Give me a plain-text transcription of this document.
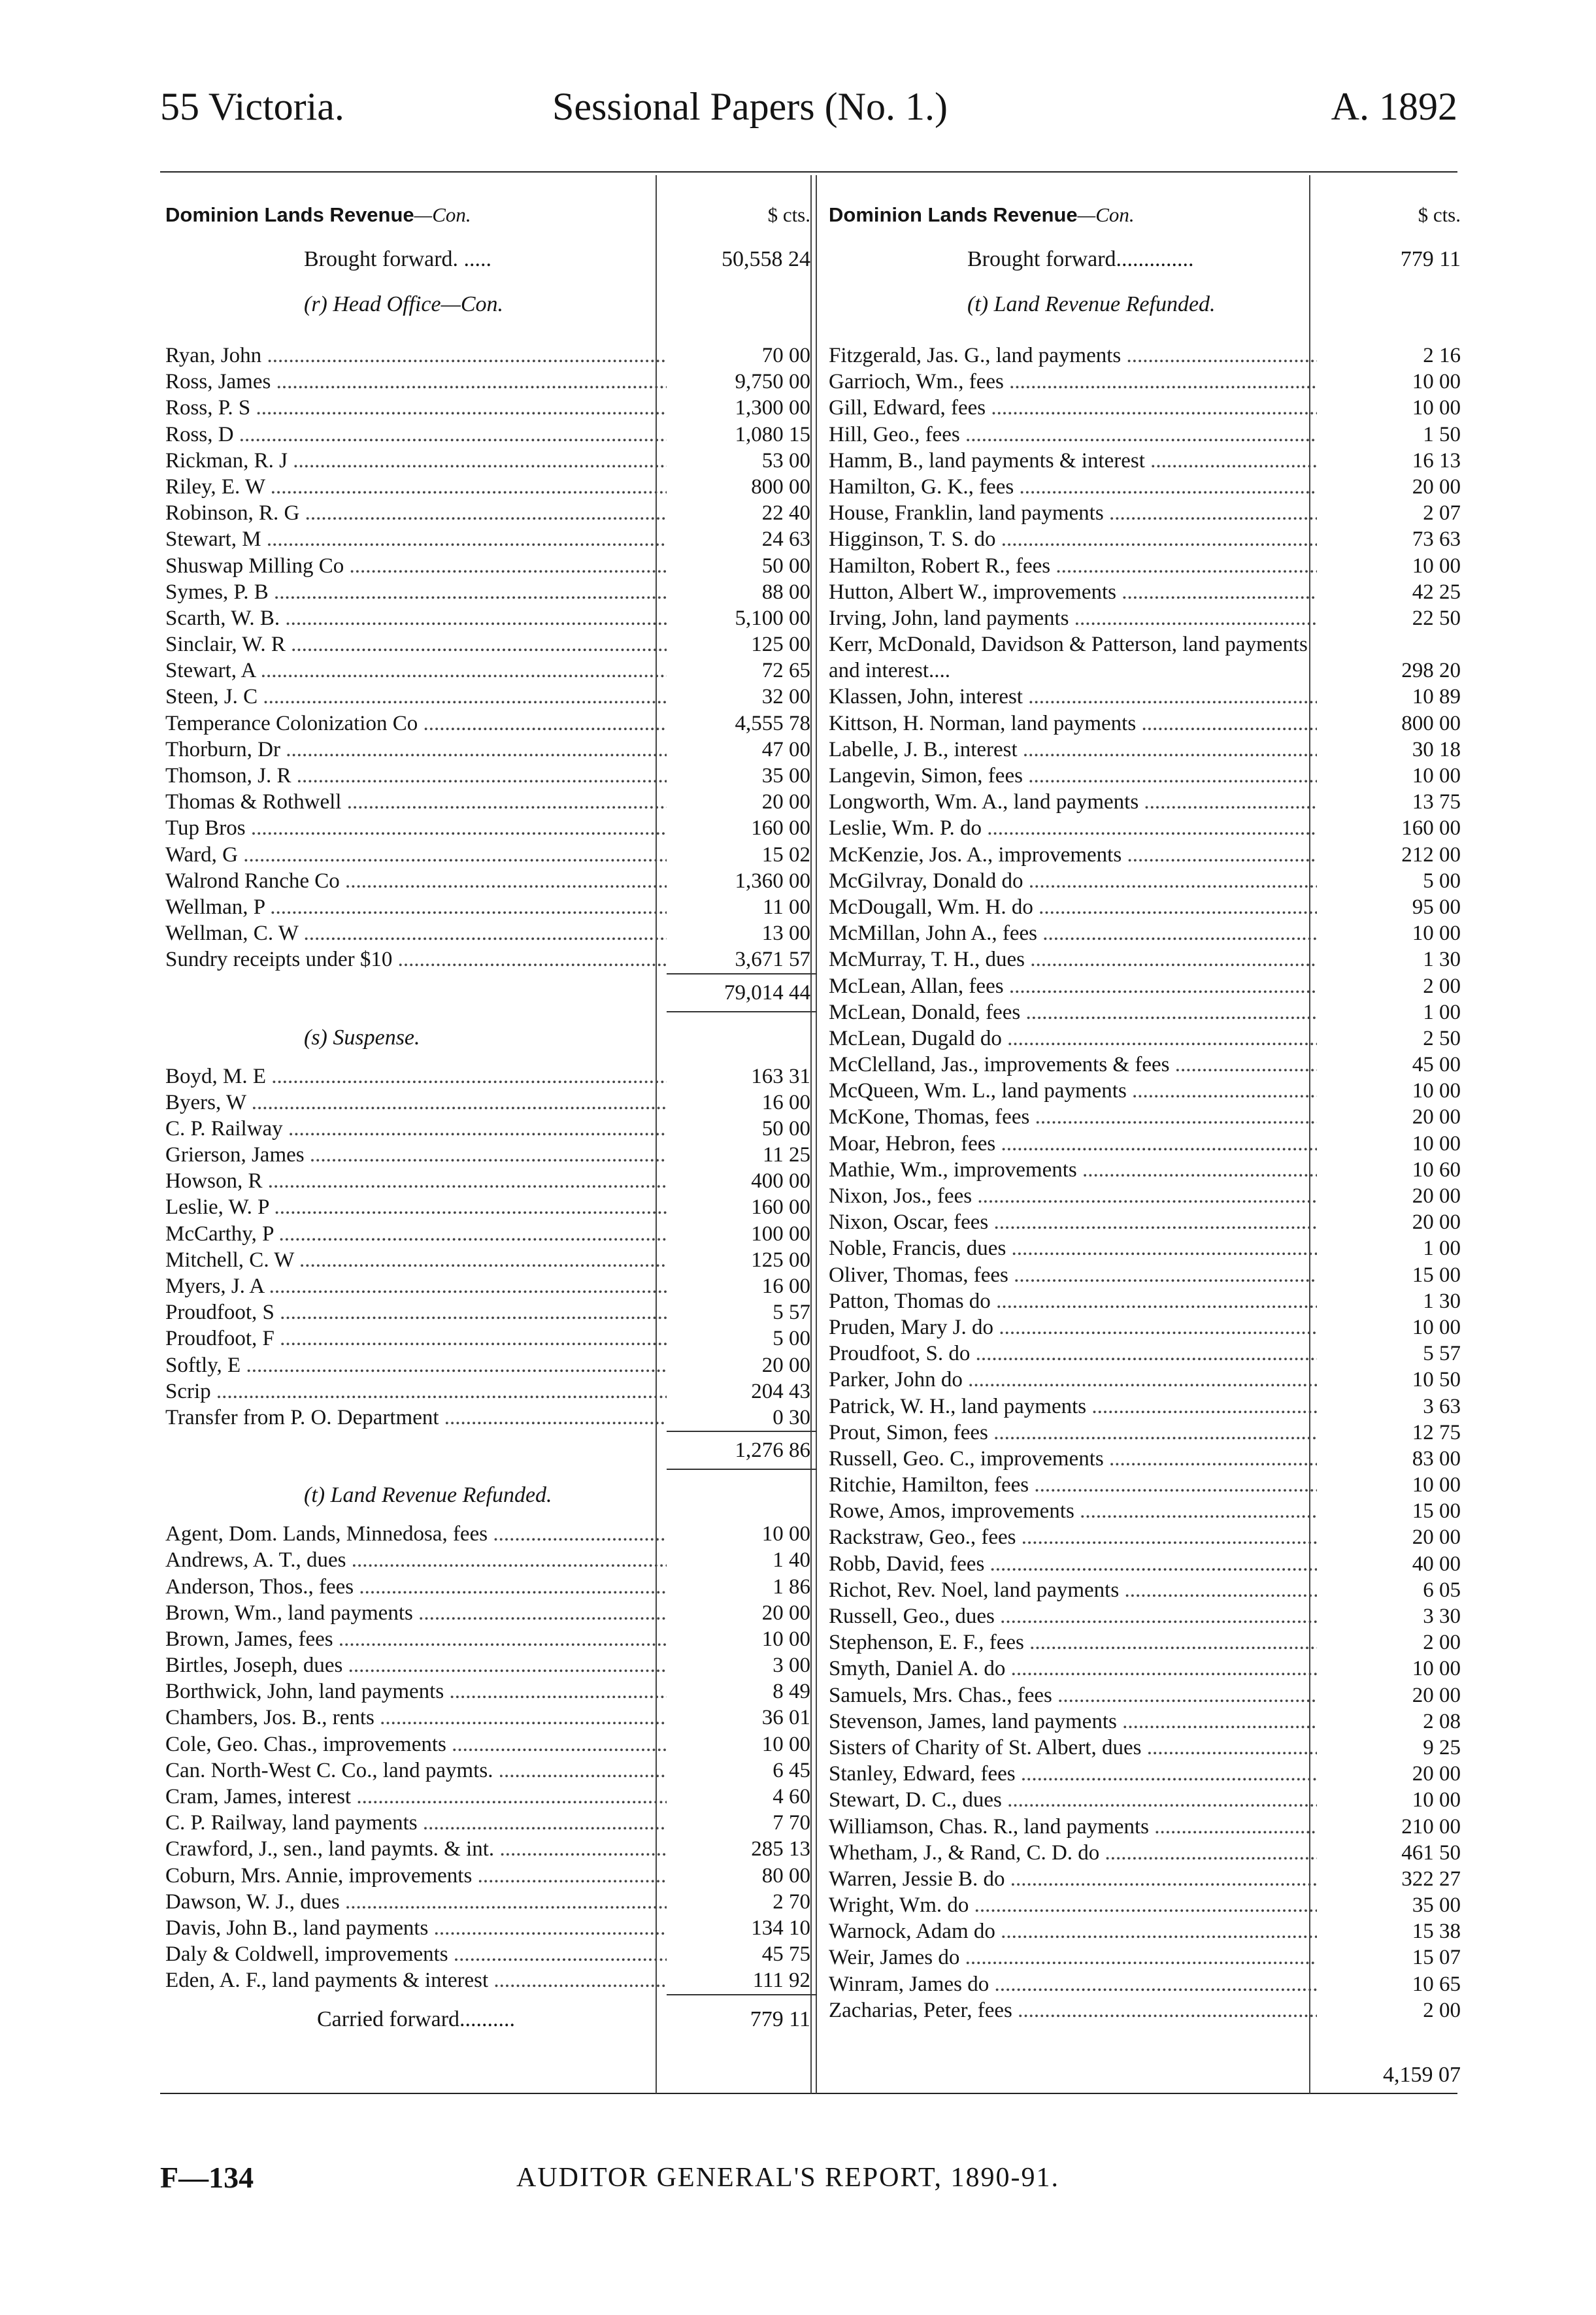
55 Victoria.	Sessional Papers (No. 1.)	A. 1892
Dominion Lands Revenue—Con.	$ cts.
Brought forward. .....	50,558 24
(r) Head Office—Con.
Ryan, John .....	70 00
Ross, James .....	9,750 00
Ross, P. S .....	1,300 00
Ross, D .....	1,080 15
Rickman, R. J .....	53 00
Riley, E. W .....	800 00
Robinson, R. G .....	22 40
Stewart, M .....	24 63
Shuswap Milling Co .....	50 00
Symes, P. B .....	88 00
Scarth, W. B. .....	5,100 00
Sinclair, W. R .....	125 00
Stewart, A .....	72 65
Steen, J. C .....	32 00
Temperance Colonization Co .....	4,555 78
Thorburn, Dr .....	47 00
Thomson, J. R .....	35 00
Thomas & Rothwell .....	20 00
Tup Bros .....	160 00
Ward, G .....	15 02
Walrond Ranche Co .....	1,360 00
Wellman, P .....	11 00
Wellman, C. W .....	13 00
Sundry receipts under $10 .....	3,671 57
79,014 44
(s) Suspense.
Boyd, M. E .....	163 31
Byers, W .....	16 00
C. P. Railway .....	50 00
Grierson, James .....	11 25
Howson, R .....	400 00
Leslie, W. P .....	160 00
McCarthy, P .....	100 00
Mitchell, C. W .....	125 00
Myers, J. A .....	16 00
Proudfoot, S .....	5 57
Proudfoot, F .....	5 00
Softly, E .....	20 00
Scrip .....	204 43
Transfer from P. O. Department .....	0 30
1,276 86
(t) Land Revenue Refunded.
Agent, Dom. Lands, Minnedosa, fees .....	10 00
Andrews, A. T., dues .....	1 40
Anderson, Thos., fees .....	1 86
Brown, Wm., land payments .....	20 00
Brown, James, fees .....	10 00
Birtles, Joseph, dues .....	3 00
Borthwick, John, land payments .....	8 49
Chambers, Jos. B., rents .....	36 01
Cole, Geo. Chas., improvements .....	10 00
Can. North-West C. Co., land paymts. .....	6 45
Cram, James, interest .....	4 60
C. P. Railway, land payments .....	7 70
Crawford, J., sen., land paymts. & int. .....	285 13
Coburn, Mrs. Annie, improvements .....	80 00
Dawson, W. J., dues .....	2 70
Davis, John B., land payments .....	134 10
Daly & Coldwell, improvements .....	45 75
Eden, A. F., land payments & interest .....	111 92
Carried forward..........	779 11
Dominion Lands Revenue—Con.	$ cts.
Brought forward..............	779 11
(t) Land Revenue Refunded.
Fitzgerald, Jas. G., land payments .....	2 16
Garrioch, Wm., fees .....	10 00
Gill, Edward, fees .....	10 00
Hill, Geo., fees .....	1 50
Hamm, B., land payments & interest .....	16 13
Hamilton, G. K., fees .....	20 00
House, Franklin, land payments .....	2 07
Higginson, T. S. do .....	73 63
Hamilton, Robert R., fees .....	10 00
Hutton, Albert W., improvements .....	42 25
Irving, John, land payments .....	22 50
Kerr, McDonald, Davidson & Patterson, land payments and interest....	298 20
Klassen, John, interest .....	10 89
Kittson, H. Norman, land payments .....	800 00
Labelle, J. B., interest .....	30 18
Langevin, Simon, fees .....	10 00
Longworth, Wm. A., land payments .....	13 75
Leslie, Wm. P. do .....	160 00
McKenzie, Jos. A., improvements .....	212 00
McGilvray, Donald do .....	5 00
McDougall, Wm. H. do .....	95 00
McMillan, John A., fees .....	10 00
McMurray, T. H., dues .....	1 30
McLean, Allan, fees .....	2 00
McLean, Donald, fees .....	1 00
McLean, Dugald do .....	2 50
McClelland, Jas., improvements & fees .....	45 00
McQueen, Wm. L., land payments .....	10 00
McKone, Thomas, fees .....	20 00
Moar, Hebron, fees .....	10 00
Mathie, Wm., improvements .....	10 60
Nixon, Jos., fees .....	20 00
Nixon, Oscar, fees .....	20 00
Noble, Francis, dues .....	1 00
Oliver, Thomas, fees .....	15 00
Patton, Thomas do .....	1 30
Pruden, Mary J. do .....	10 00
Proudfoot, S. do .....	5 57
Parker, John do .....	10 50
Patrick, W. H., land payments .....	3 63
Prout, Simon, fees .....	12 75
Russell, Geo. C., improvements .....	83 00
Ritchie, Hamilton, fees .....	10 00
Rowe, Amos, improvements .....	15 00
Rackstraw, Geo., fees .....	20 00
Robb, David, fees .....	40 00
Richot, Rev. Noel, land payments .....	6 05
Russell, Geo., dues .....	3 30
Stephenson, E. F., fees .....	2 00
Smyth, Daniel A. do .....	10 00
Samuels, Mrs. Chas., fees .....	20 00
Stevenson, James, land payments .....	2 08
Sisters of Charity of St. Albert, dues .....	9 25
Stanley, Edward, fees .....	20 00
Stewart, D. C., dues .....	10 00
Williamson, Chas. R., land payments .....	210 00
Whetham, J., & Rand, C. D. do .....	461 50
Warren, Jessie B. do .....	322 27
Wright, Wm. do .....	35 00
Warnock, Adam do .....	15 38
Weir, James do .....	15 07
Winram, James do .....	10 65
Zacharias, Peter, fees .....	2 00
4,159 07
F—134	AUDITOR GENERAL'S REPORT, 1890-91.
